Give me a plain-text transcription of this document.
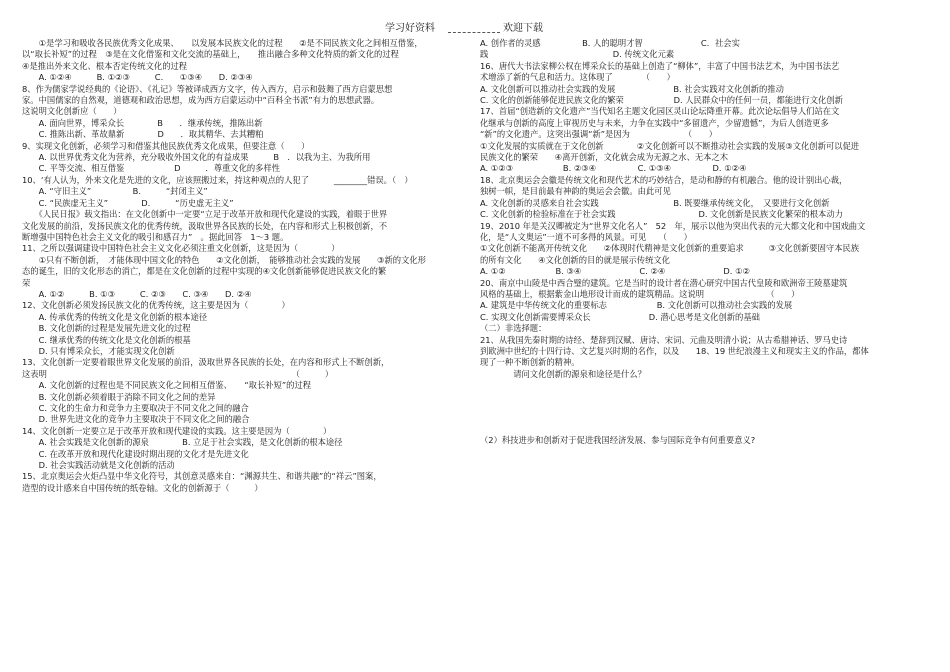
学习好资料	欢迎下载

　　①是学习和吸收各民族优秀文化成果、　　以发展本民族文化的过程　　②是不同民族文化之间相互借鉴，

以“取长补短”的过程　③是在文化借鉴和文化交流的基础上，　　推出融合多种文化特质的新文化的过程

④是推出外来文化、根本否定传统文化的过程

　　A. ①②④　　　B. ①②③　　　C.　　①③④　　D. ②③④

8、作为儒家学说经典的《论语》、《礼记》等被译成西方文字，传入西方，启示和鼓舞了西方启蒙思想

家。中国儒家的自然观，道德观和政治思想，成为西方启蒙运动中“百科全书派”有力的思想武器。

这说明文化创新应（　　）

　　A. 面向世界，博采众长　　　　B　　．继承传统，推陈出新

　　C. 推陈出新、革故鼎新　　　　D　　．取其精华、去其糟粕

9、实现文化创新，必须学习和借鉴其他民族优秀文化成果，但要注意（　　）

　　A. 以世界优秀文化为营养，充分吸收外国文化的有益成果　　　B　．以我为主、为我所用

　　C. 平等交流、相互借鉴　　　　　　D　　　．尊重文化的多样性

10、‘有人认为，外来文化是先进的文化，应该照搬过来，持这种观点的人犯了　　　________错误。（　）

　　A. “守旧主义”　　　　　B.　　　“封闭主义”

　　C. “民族虚无主义”　　　　D.　　　“历史虚无主义”

　　《人民日报》载文指出：在文化创新中一定要“立足于改革开放和现代化建设的实践，着眼于世界

文化发展的前沿，发扬民族文化的优秀传统，汲取世界各民族的长处，在内容和形式上积极创新，不

断增强中国特色社会主义文化的吸引和感召力”　。据此回答　1～3 题。

11、之所以强调建设中国特色社会主义文化必须注重文化创新，这是因为（　　　　）

　　①只有不断创新，　才能体现中国文化的特色　　②文化创新，　能够推动社会实践的发展　　③新的文化形

态的诞生，旧的文化形态的消亡，都是在文化创新的过程中实现的④文化创新能够促进民族文化的繁

荣

　　A. ①②　　　B. ①③　　　C. ②③　　C. ③④　　D. ②④

12、文化创新必须发扬民族文化的优秀传统，这主要是因为（　　　　）

　　A. 传承优秀的传统文化是文化创新的根本途径

　　B. 文化创新的过程是发展先进文化的过程

　　C. 继承优秀的传统文化是文化创新的根基

　　D. 只有博采众长，才能实现文化创新

13、文化创新一定要着眼世界文化发展的前沿，汲取世界各民族的长处，在内容和形式上不断创新，

这表明　　　　　　　　　　　　　　　　　　　　　　　　　　　　　　（　　　）

　　A. 文化创新的过程也是不同民族文化之间相互借鉴、　　“取长补短”的过程

　　B. 文化创新必须着眼于消除不同文化之间的差异

　　C. 文化的生命力和竞争力主要取决于不同文化之间的融合

　　D. 世界先进文化的竞争力主要取决于不同文化之间的融合

14、文化创新一定要立足于改革开放和现代建设的实践。这主要是因为（　　　　）

　　A. 社会实践是文化创新的源泉　　　　B. 立足于社会实践，是文化创新的根本途径

　　C. 在改革开放和现代化建设时期出现的文化才是先进文化

　　D. 社会实践活动就是文化创新的活动

15、北京奥运会火炬凸显中华文化符号，其创意灵感来自：“渊源共生、和谐共融”的“祥云”图案，

造型的设计感来自中国传统的纸卷轴。文化的创新源于（　　　）

A. 创作者的灵感　　　　　B. 人的聪明才智　　　　　　　C．社会实

践　　　　　　　　　　　　　　　D. 传统文化元素

16、唐代大书法家柳公权在博采众长的基础上创造了“柳体”，丰富了中国书法艺术，为中国书法艺

术增添了新的气息和活力。这体现了　　　　（　　）

A. 文化创新可以推动社会实践的发展　　　　　　　B. 社会实践对文化创新的推动

C. 文化的创新能够促进民族文化的繁荣　　　　　　D. 人民群众中的任何一员，都能进行文化创新

17、首届“创造新的文化遗产”当代知名主题文化园区灵山论坛降重开幕。此次论坛倡导人们站在文

化继承与创新的高度上审视历史与未来，力争在实践中“多留遗产，少留遗憾”，为后人创造更多

“新”的文化遗产。这突出强调“新”是因为　　　　　　　（　　）

①文化发展的实质就在于文化创新　　　　②文化创新可以不断推动社会实践的发展③文化创新可以促进

民族文化的繁荣　　④离开创新，文化就会成为无源之水、无本之木

A. ①②③　　　　　　B. ②③④　　　　　C. ①③④　　　　　D. ①②④

18、北京奥运会会徽是传统文化和现代艺术的巧妙结合，是动和静的有机融合。他的设计别出心裁，

独树一帜，是目前最有神韵的奥运会会徽。由此可见

A. 文化创新的灵感来自社会实践　　　　　　　　　B. 既要继承传统文化，　又要进行文化创新

C. 文化创新的检验标准在于社会实践　　　　　　　　　　D. 文化创新是民族文化繁荣的根本动力

19、2010 年是关汉卿被定为“世界文化名人”　52　年，展示以他为突出代表的元大都文化和中国戏曲文

化，是“人文奥运”一道不可多得的风景。可见　　（　　）

①文化创新不能离开传统文化　　②体现时代精神是文化创新的重要追求　　　③文化创新要固守本民族

的所有文化　　④文化创新的目的就是展示传统文化

A. ①②　　　　　　B. ③④　　　　　　　C. ②④　　　　　　　D. ①②

20、南京中山陵是中西合璧的建筑。它是当时的设计者在潜心研究中国古代皇陵和欧洲帝王陵墓建筑

风格的基础上，根据紫金山地形设计而成的建筑精品。这说明　　　　　　　　（　　）

A. 建筑是中华传统文化的重要标志　　　　　　B. 文化创新可以推动社会实践的发展

C. 实现文化创新需要博采众长　　　　　　　D. 潜心思考是文化创新的基础

（二）非选择题：

21、从我国先秦时期的诗经、楚辞到汉赋、唐诗、宋词、元曲及明清小说；从古希腊神话、罗马史诗

到欧洲中世纪的十四行诗、文艺复兴时期的名作，以及　　18、19 世纪浪漫主义和现实主义的作品，都体

现了一种不断创新的精神。

　　　　请问文化创新的源泉和途径是什么？

（2）科技进步和创新对于促进我国经济发展、参与国际竞争有何重要意义?
